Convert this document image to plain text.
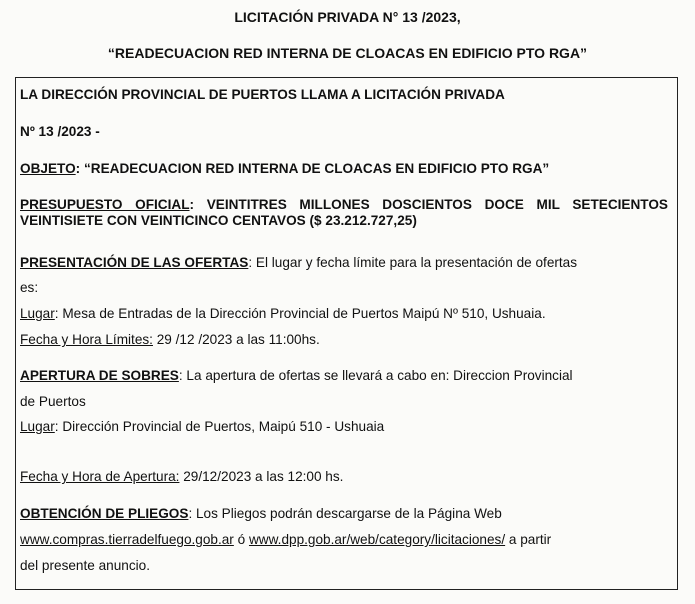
LICITACIÓN PRIVADA N° 13 /2023,
“READECUACION RED INTERNA DE CLOACAS EN EDIFICIO PTO RGA”
LA DIRECCIÓN PROVINCIAL DE PUERTOS LLAMA A LICITACIÓN PRIVADA
Nº 13 /2023 -
OBJETO: “READECUACION RED INTERNA DE CLOACAS EN EDIFICIO PTO RGA”
PRESUPUESTO OFICIAL: VEINTITRES MILLONES DOSCIENTOS DOCE MIL SETECIENTOS VEINTISIETE CON VEINTICINCO CENTAVOS ($ 23.212.727,25)
PRESENTACIÓN DE LAS OFERTAS: El lugar y fecha límite para la presentación de ofertas
es:
Lugar: Mesa de Entradas de la Dirección Provincial de Puertos Maipú Nº 510, Ushuaia.
Fecha y Hora Límites: 29 /12 /2023 a las 11:00hs.
APERTURA DE SOBRES: La apertura de ofertas se llevará a cabo en: Direccion Provincial
de Puertos
Lugar: Dirección Provincial de Puertos, Maipú 510 - Ushuaia
Fecha y Hora de Apertura: 29/12/2023 a las 12:00 hs.
OBTENCIÓN DE PLIEGOS: Los Pliegos podrán descargarse de la Página Web
www.compras.tierradelfuego.gob.ar ó www.dpp.gob.ar/web/category/licitaciones/ a partir
del presente anuncio.
